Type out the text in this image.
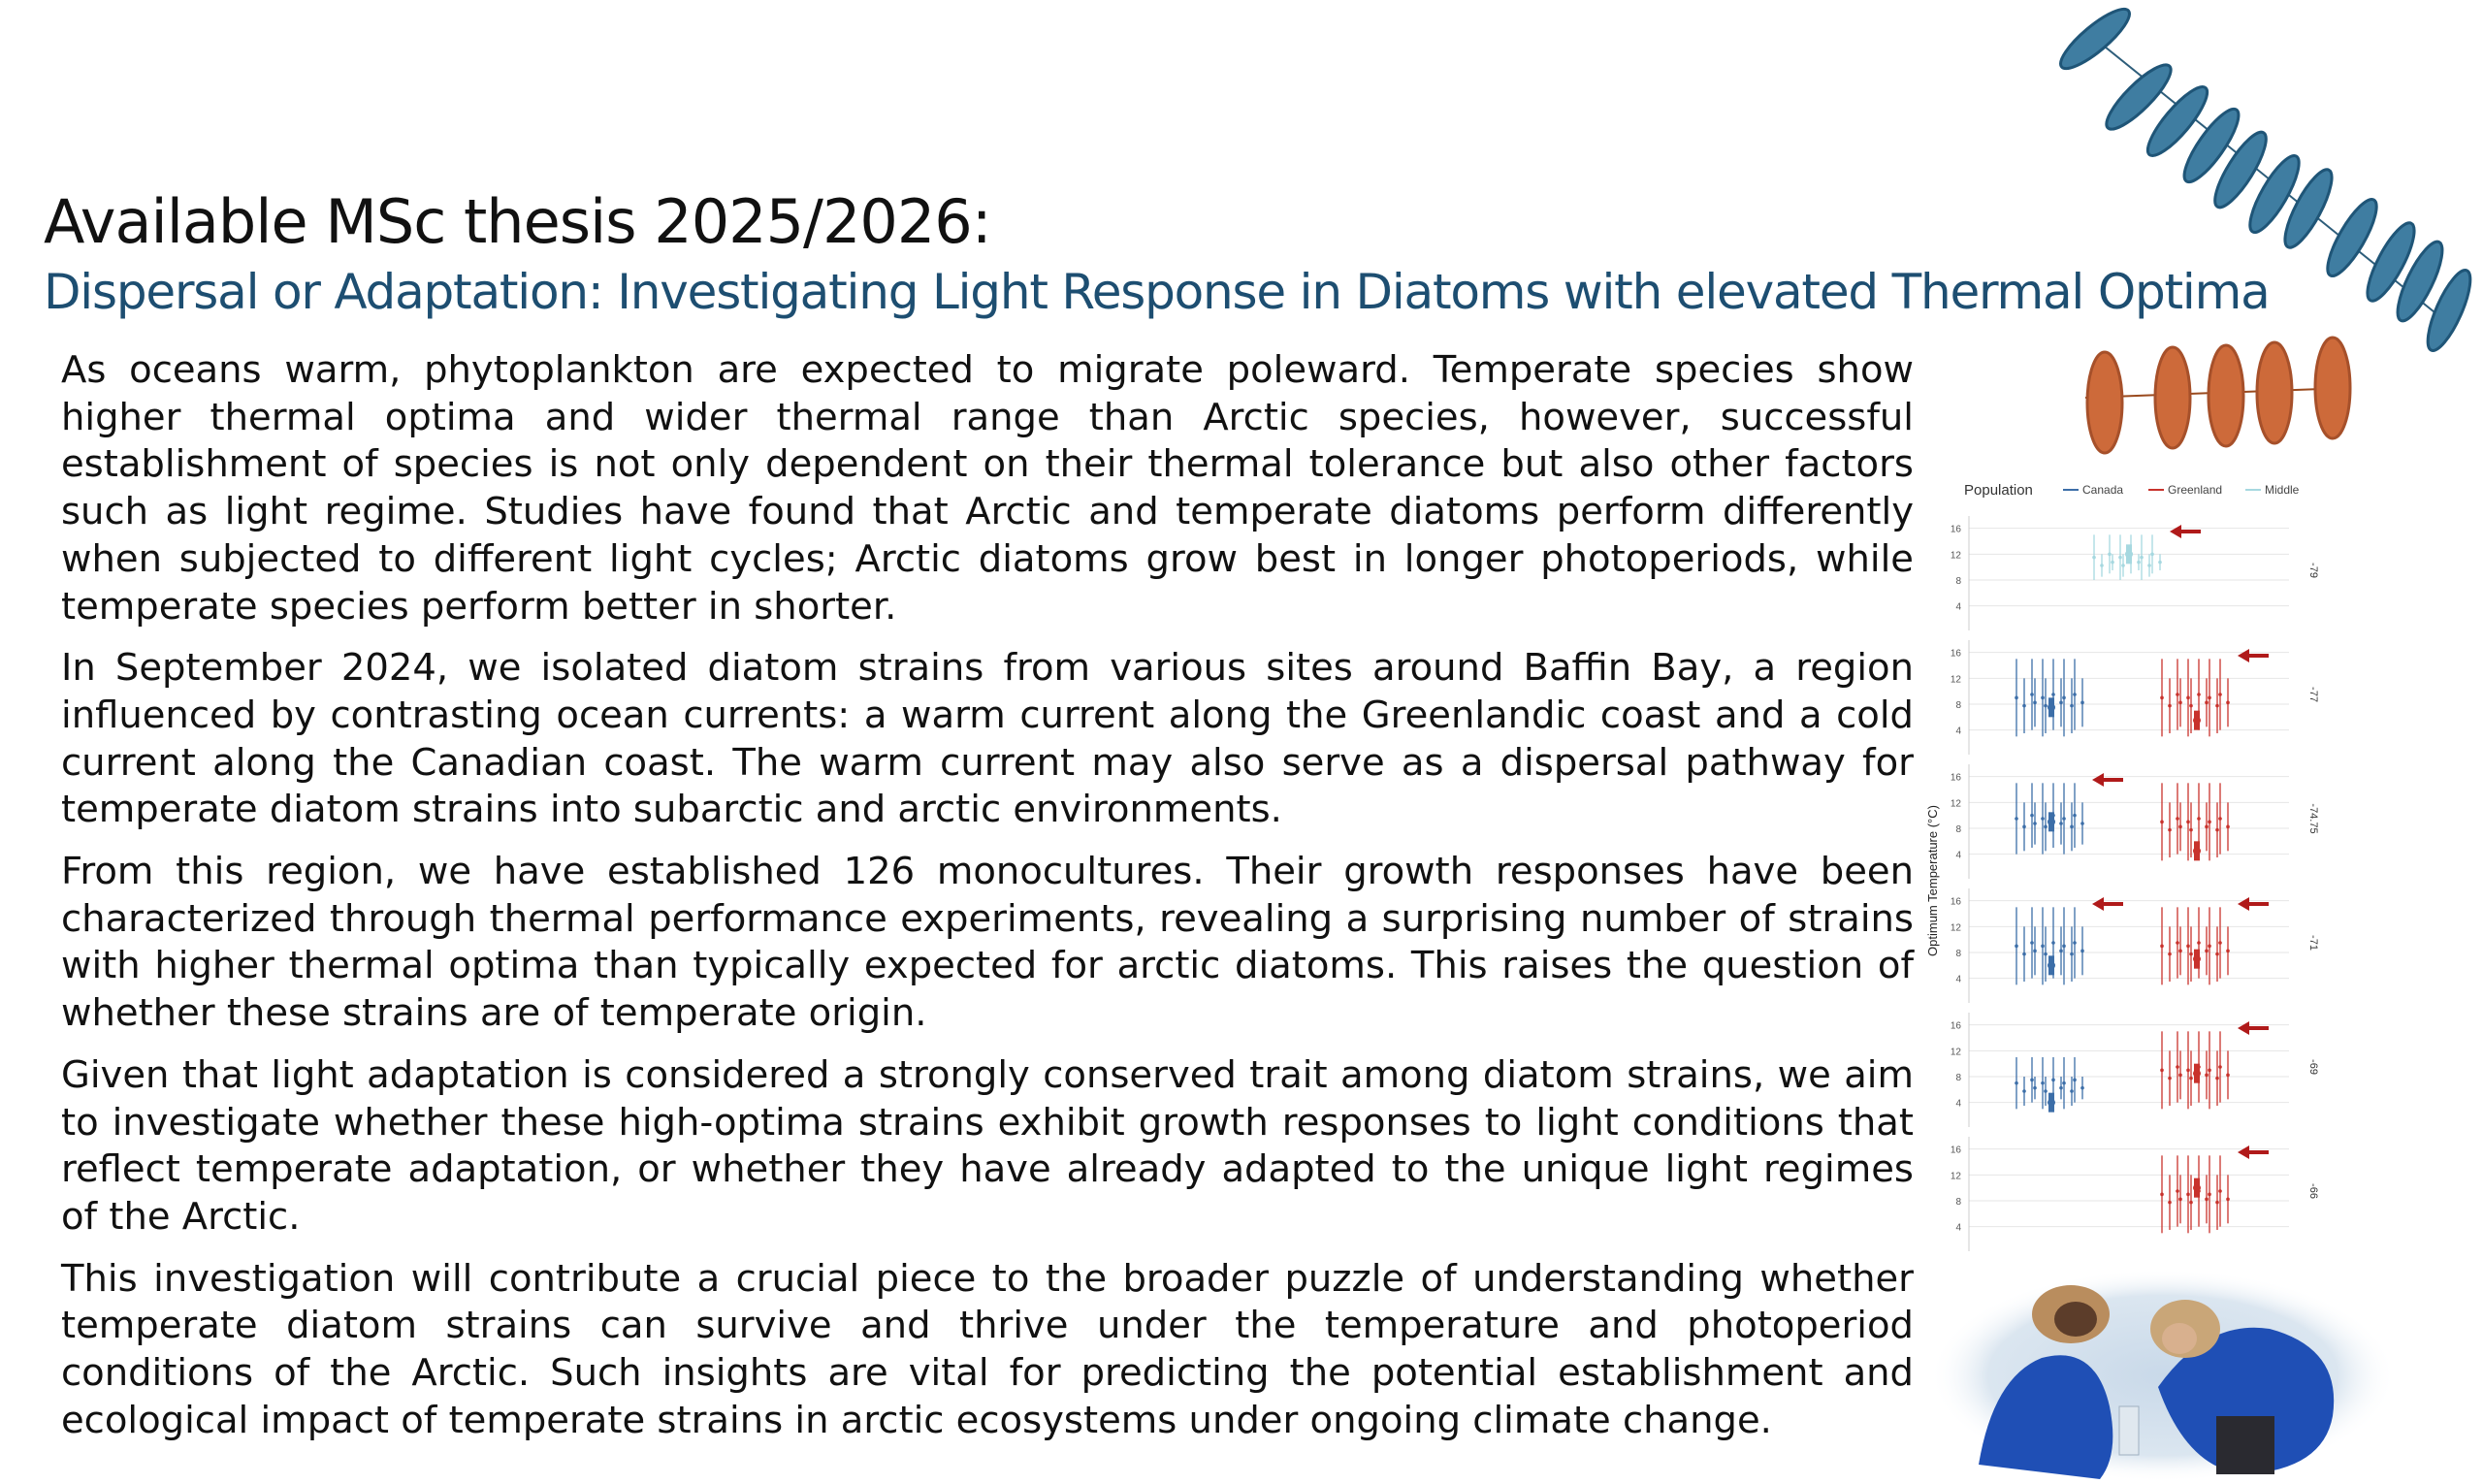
Available MSc thesis 2025/2026:
Dispersal or Adaptation: Investigating Light Response in Diatoms with elevated Thermal Optima

As oceans warm, phytoplankton are expected to migrate poleward. Temperate species show higher thermal optima and wider thermal range than Arctic species, however, successful establishment of species is not only dependent on their thermal tolerance but also other factors such as light regime. Studies have found that Arctic and temperate diatoms perform differently when subjected to different light cycles; Arctic diatoms grow best in longer photoperiods, while temperate species perform better in shorter.

In September 2024, we isolated diatom strains from various sites around Baffin Bay, a region influenced by contrasting ocean currents: a warm current along the Greenlandic coast and a cold current along the Canadian coast. The warm current may also serve as a dispersal pathway for temperate diatom strains into subarctic and arctic environments.

From this region, we have established 126 monocultures. Their growth responses have been characterized through thermal performance experiments, revealing a surprising number of strains with higher thermal optima than typically expected for arctic diatoms. This raises the question of whether these strains are of temperate origin.

Given that light adaptation is considered a strongly conserved trait among diatom strains, we aim to investigate whether these high-optima strains exhibit growth responses to light conditions that reflect temperate adaptation, or whether they have already adapted to the unique light regimes of the Arctic.

This investigation will contribute a crucial piece to the broader puzzle of understanding whether temperate diatom strains can survive and thrive under the temperature and photoperiod conditions of the Arctic. Such insights are vital for predicting the potential establishment and ecological impact of temperate strains in arctic ecosystems under ongoing climate change.

Population	Canada	Greenland	Middle
Optimum Temperature (°C)
4
8
12
16
-79
4
8
12
16
-77
4
8
12
16
-74.75
4
8
12
16
-71
4
8
12
16
-69
4
8
12
16
-66
